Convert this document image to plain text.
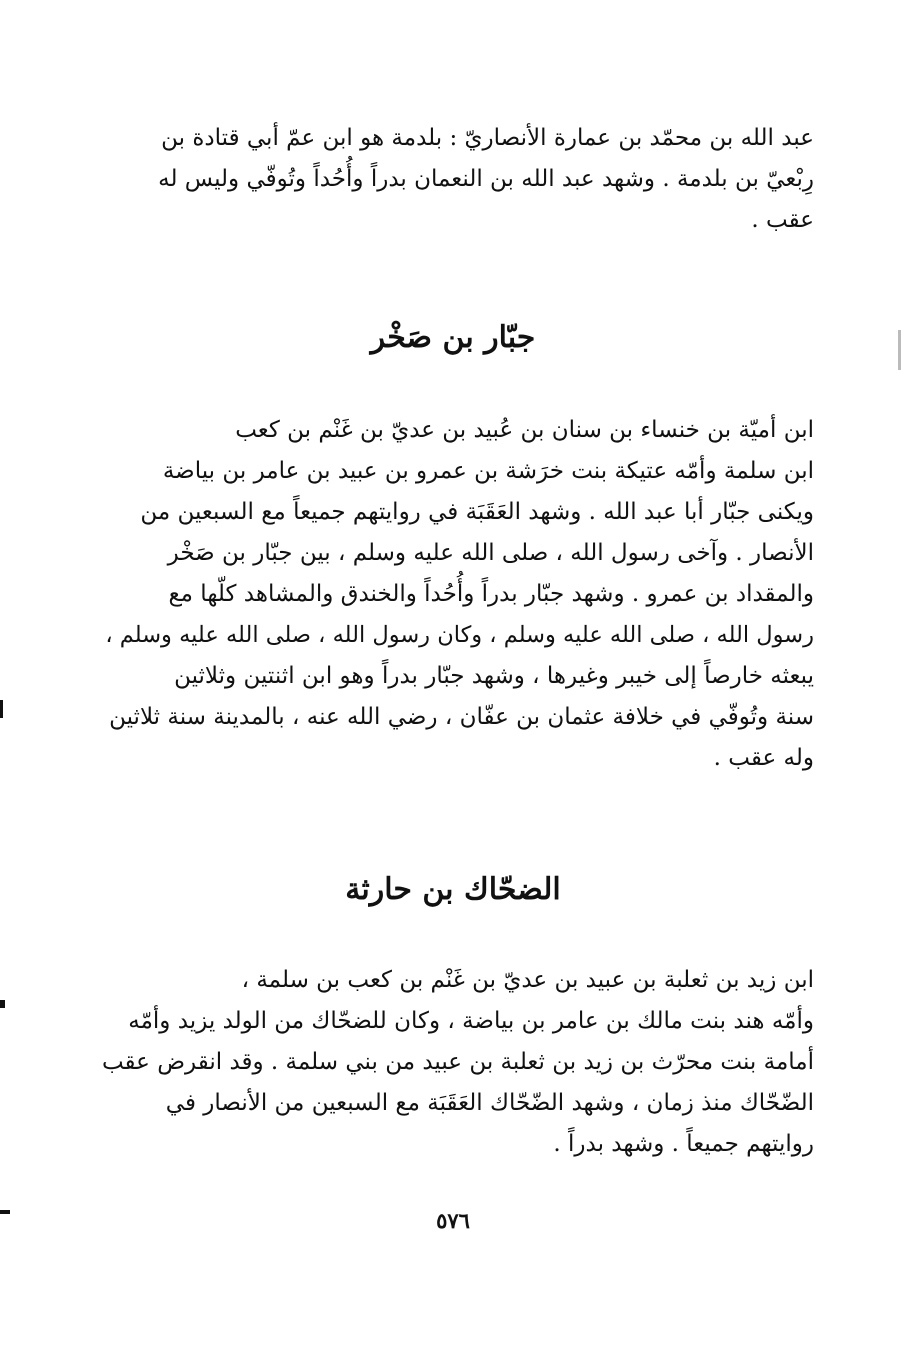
عبد الله بن محمّد بن عمارة الأنصاريّ : بلدمة هو ابن عمّ أبي قتادة بن
رِبْعيّ بن بلدمة . وشهد عبد الله بن النعمان بدراً وأُحُداً وتُوفّي وليس له
عقب .

جبّار بن صَخْر

ابن أميّة بن خنساء بن سنان بن عُبيد بن عديّ بن غَنْم بن كعب
ابن سلمة وأمّه عتيكة بنت خرَشة بن عمرو بن عبيد بن عامر بن بياضة
ويكنى جبّار أبا عبد الله . وشهد العَقَبَة في روايتهم جميعاً مع السبعين من
الأنصار . وآخى رسول الله ، صلى الله عليه وسلم ، بين جبّار بن صَخْر
والمقداد بن عمرو . وشهد جبّار بدراً وأُحُداً والخندق والمشاهد كلّها مع
رسول الله ، صلى الله عليه وسلم ، وكان رسول الله ، صلى الله عليه وسلم ،
يبعثه خارصاً إلى خيبر وغيرها ، وشهد جبّار بدراً وهو ابن اثنتين وثلاثين
سنة وتُوفّي في خلافة عثمان بن عفّان ، رضي الله عنه ، بالمدينة سنة ثلاثين
وله عقب .

الضحّاك بن حارثة

ابن زيد بن ثعلبة بن عبيد بن عديّ بن غَنْم بن كعب بن سلمة ،
وأمّه هند بنت مالك بن عامر بن بياضة ، وكان للضحّاك من الولد يزيد وأمّه
أمامة بنت محرّث بن زيد بن ثعلبة بن عبيد من بني سلمة . وقد انقرض عقب
الضّحّاك منذ زمان ، وشهد الضّحّاك العَقَبَة مع السبعين من الأنصار في
روايتهم جميعاً . وشهد بدراً .

٥٧٦
